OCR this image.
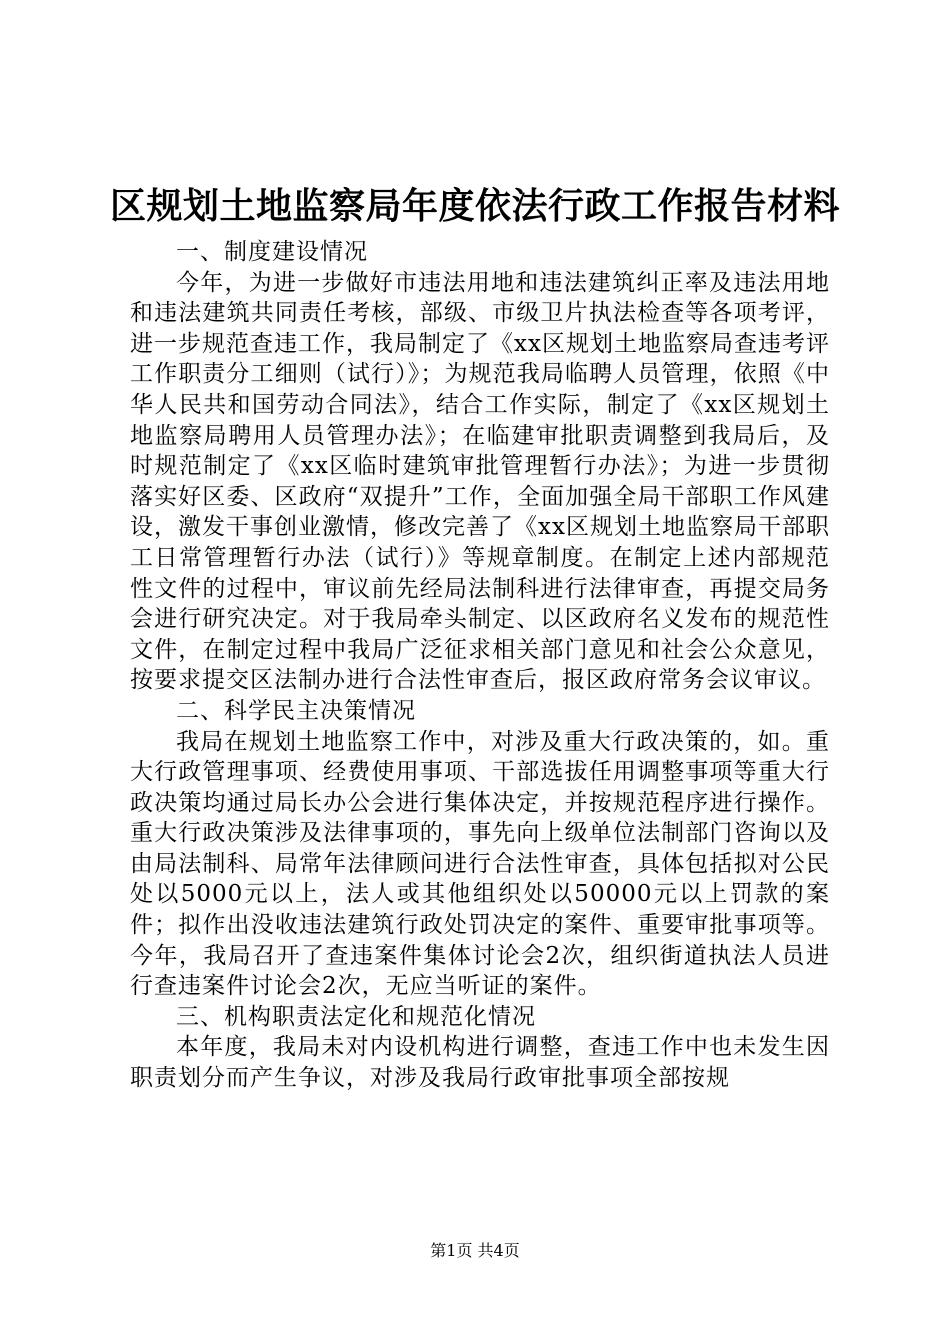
区规划土地监察局年度依法行政工作报告材料

一、制度建设情况

今年，为进一步做好市违法用地和违法建筑纠正率及违法用地和违法建筑共同责任考核，部级、市级卫片执法检查等各项考评，进一步规范查违工作，我局制定了《xx区规划土地监察局查违考评工作职责分工细则（试行）》；为规范我局临聘人员管理，依照《中华人民共和国劳动合同法》，结合工作实际，制定了《xx区规划土地监察局聘用人员管理办法》；在临建审批职责调整到我局后，及时规范制定了《xx区临时建筑审批管理暂行办法》；为进一步贯彻落实好区委、区政府“双提升”工作，全面加强全局干部职工作风建设，激发干事创业激情，修改完善了《xx区规划土地监察局干部职工日常管理暂行办法（试行）》等规章制度。在制定上述内部规范性文件的过程中，审议前先经局法制科进行法律审查，再提交局务会进行研究决定。对于我局牵头制定、以区政府名义发布的规范性文件，在制定过程中我局广泛征求相关部门意见和社会公众意见，按要求提交区法制办进行合法性审查后，报区政府常务会议审议。

二、科学民主决策情况

我局在规划土地监察工作中，对涉及重大行政决策的，如。重大行政管理事项、经费使用事项、干部选拔任用调整事项等重大行政决策均通过局长办公会进行集体决定，并按规范程序进行操作。重大行政决策涉及法律事项的，事先向上级单位法制部门咨询以及由局法制科、局常年法律顾问进行合法性审查，具体包括拟对公民处以5000元以上，法人或其他组织处以50000元以上罚款的案件；拟作出没收违法建筑行政处罚决定的案件、重要审批事项等。今年，我局召开了查违案件集体讨论会2次，组织街道执法人员进行查违案件讨论会2次，无应当听证的案件。

三、机构职责法定化和规范化情况

本年度，我局未对内设机构进行调整，查违工作中也未发生因职责划分而产生争议，对涉及我局行政审批事项全部按规

第1页 共4页
